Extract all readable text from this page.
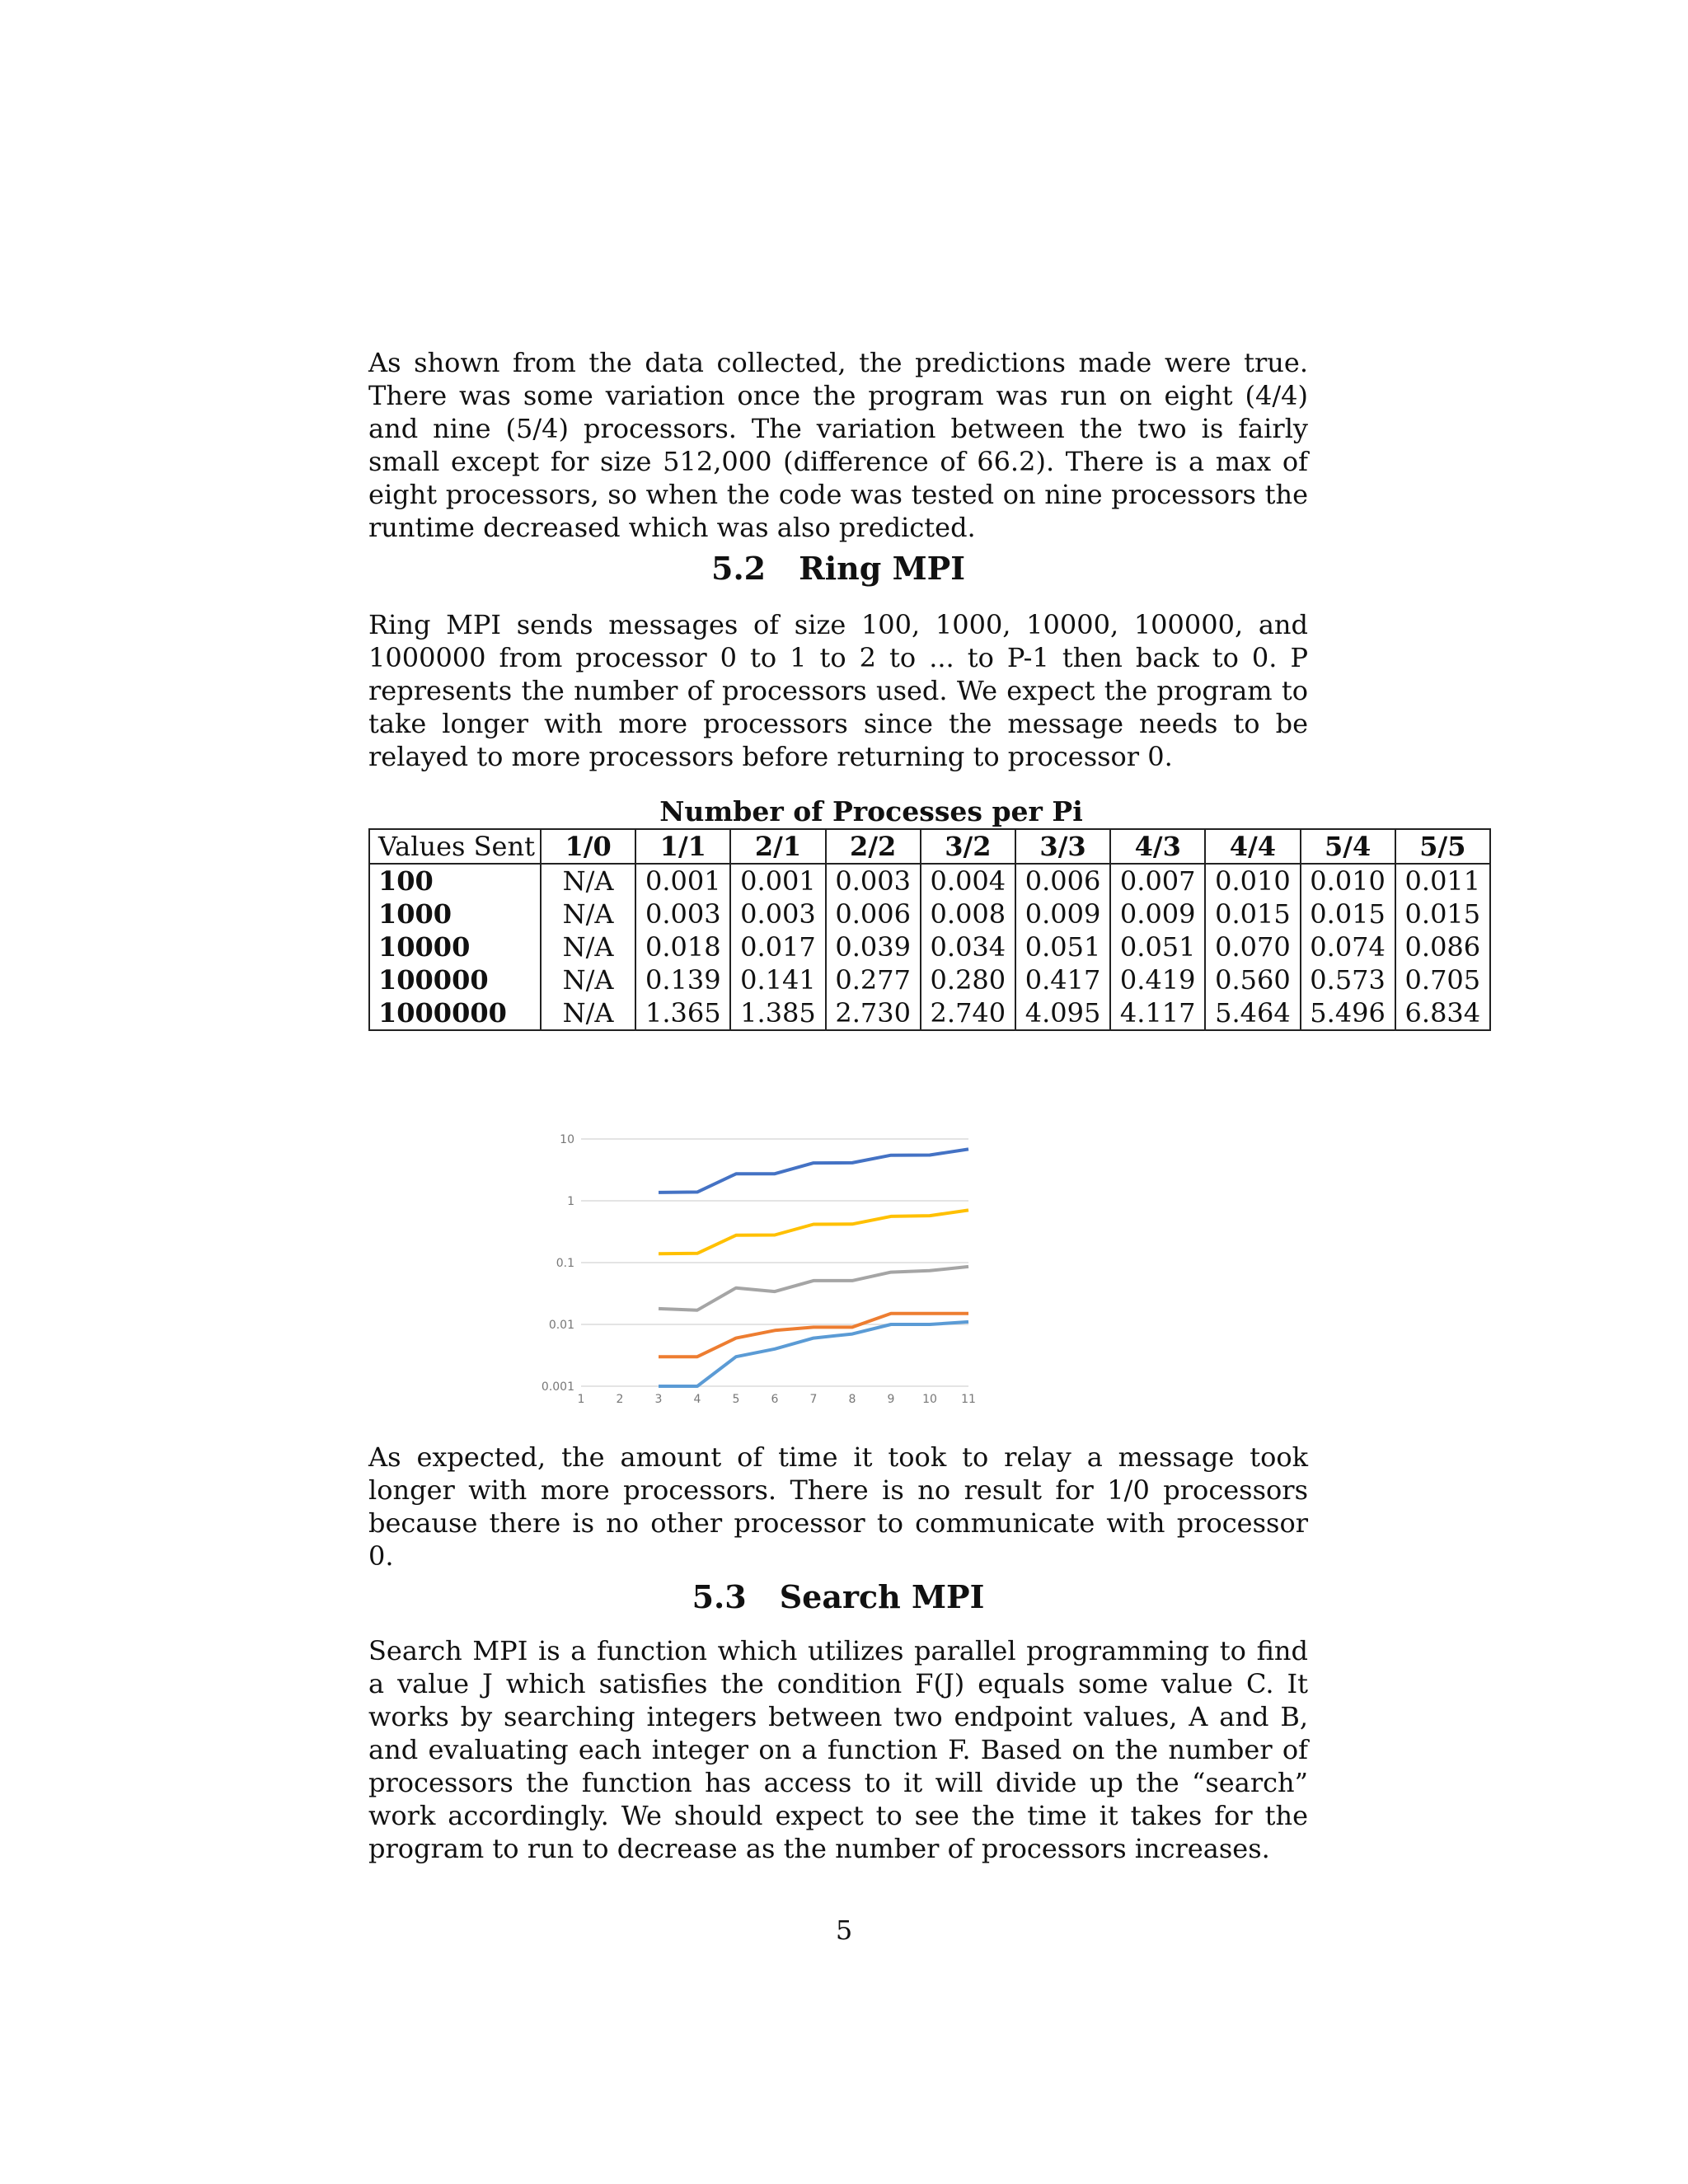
As shown from the data collected, the predictions made were true. There was some variation once the program was run on eight (4/4) and nine (5/4) processors. The variation between the two is fairly small except for size 512,000 (difference of 66.2). There is a max of eight processors, so when the code was tested on nine processors the runtime decreased which was also predicted.

5.2 Ring MPI

Ring MPI sends messages of size 100, 1000, 10000, 100000, and 1000000 from processor 0 to 1 to 2 to ... to P-1 then back to 0. P represents the number of processors used. We expect the program to take longer with more processors since the message needs to be relayed to more processors before returning to processor 0.

Number of Processes per Pi
Values Sent	1/0	1/1	2/1	2/2	3/2	3/3	4/3	4/4	5/4	5/5
100	N/A	0.001	0.001	0.003	0.004	0.006	0.007	0.010	0.010	0.011
1000	N/A	0.003	0.003	0.006	0.008	0.009	0.009	0.015	0.015	0.015
10000	N/A	0.018	0.017	0.039	0.034	0.051	0.051	0.070	0.074	0.086
100000	N/A	0.139	0.141	0.277	0.280	0.417	0.419	0.560	0.573	0.705
1000000	N/A	1.365	1.385	2.730	2.740	4.095	4.117	5.464	5.496	6.834
10
1
0.1
0.01
0.001
1	2	3	4	5	6	7	8	9 10 11

As expected, the amount of time it took to relay a message took longer with more processors. There is no result for 1/0 processors because there is no other processor to communicate with processor 0.

5.3 Search MPI

Search MPI is a function which utilizes parallel programming to find a value J which satisfies the condition F(J) equals some value C. It works by searching integers between two endpoint values, A and B, and evaluating each integer on a function F. Based on the number of processors the function has access to it will divide up the “search” work accordingly. We should expect to see the time it takes for the program to run to decrease as the number of processors increases.

5
